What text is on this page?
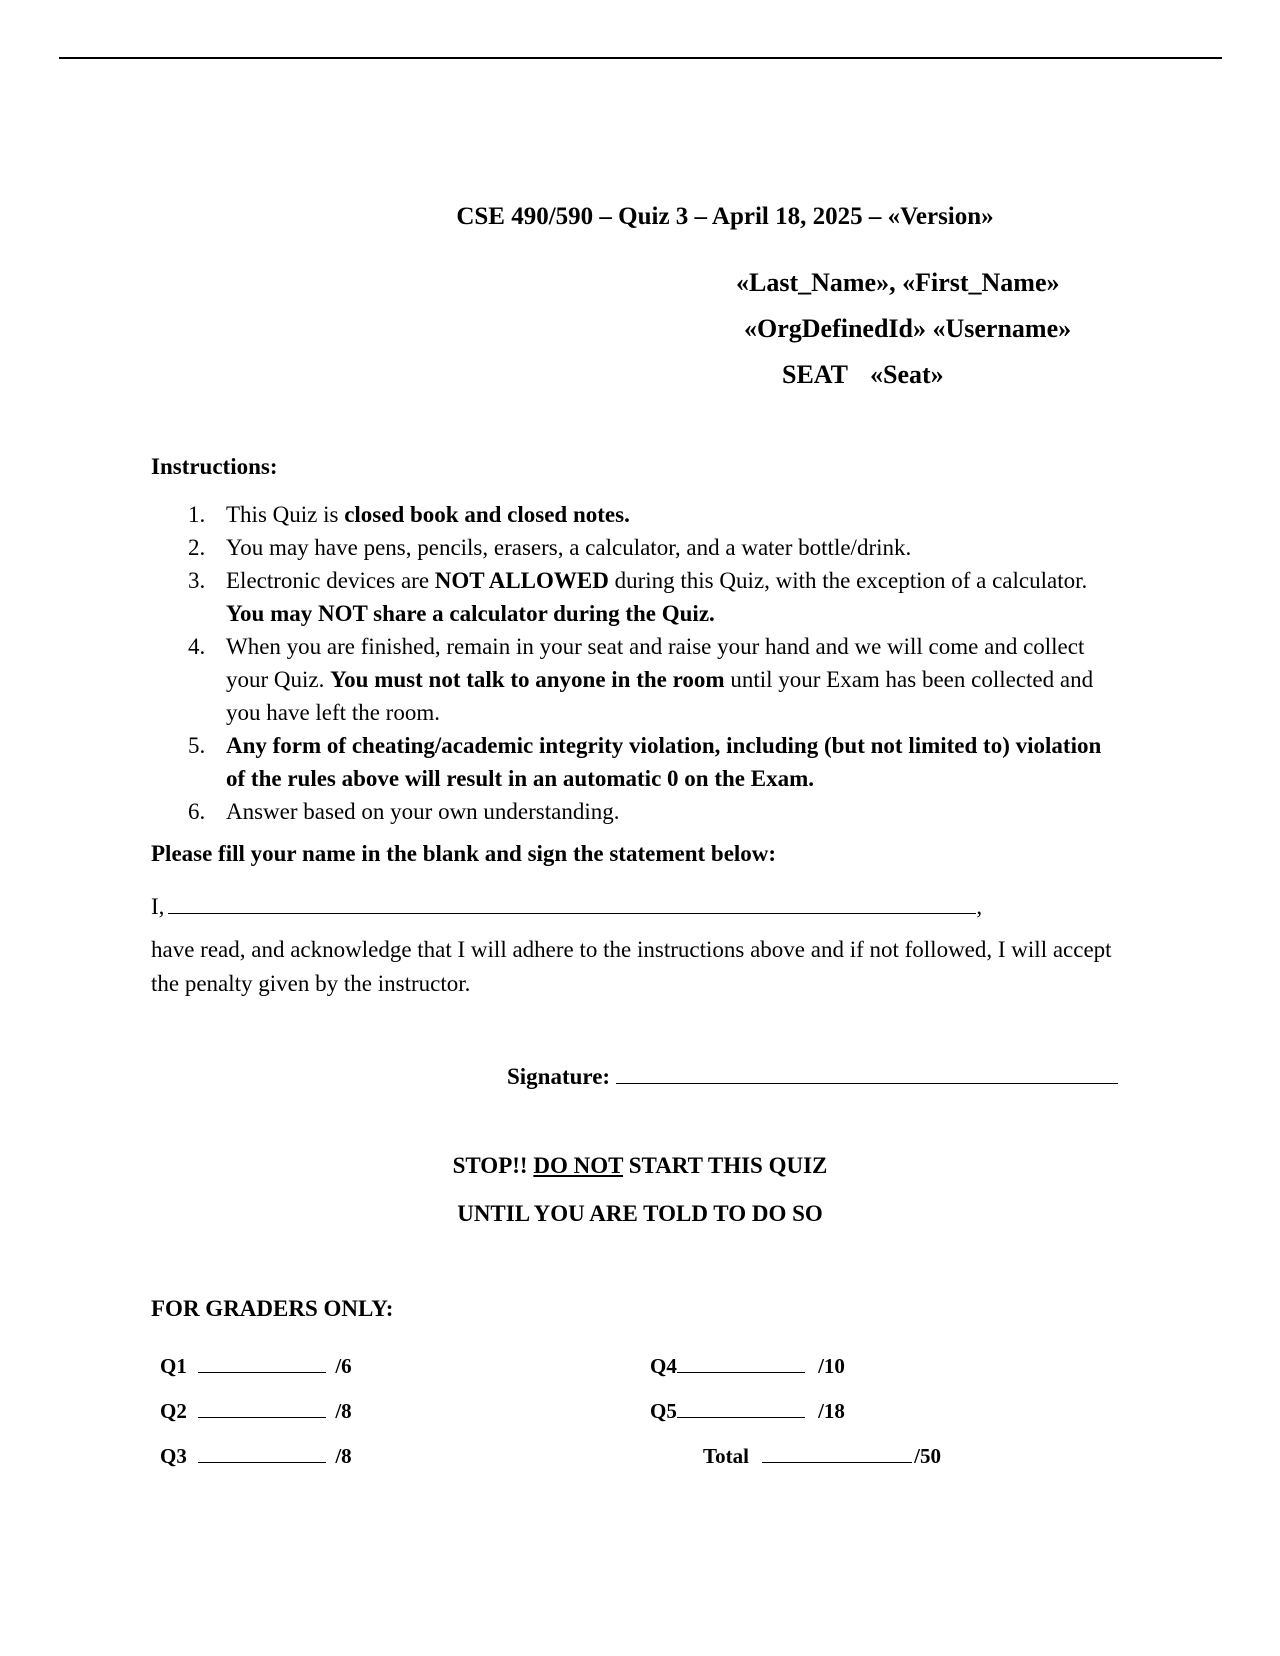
CSE 490/590 – Quiz 3 – April 18, 2025 – «Version»
«Last_Name», «First_Name»
«OrgDefinedId» «Username»
SEAT «Seat»
Instructions:
1. This Quiz is closed book and closed notes.
2. You may have pens, pencils, erasers, a calculator, and a water bottle/drink.
3. Electronic devices are NOT ALLOWED during this Quiz, with the exception of a calculator. You may NOT share a calculator during the Quiz.
4. When you are finished, remain in your seat and raise your hand and we will come and collect your Quiz. You must not talk to anyone in the room until your Exam has been collected and you have left the room.
5. Any form of cheating/academic integrity violation, including (but not limited to) violation of the rules above will result in an automatic 0 on the Exam.
6. Answer based on your own understanding.
Please fill your name in the blank and sign the statement below:
I,	,
have read, and acknowledge that I will adhere to the instructions above and if not followed, I will accept the penalty given by the instructor.
Signature:
STOP!! DO NOT START THIS QUIZ
UNTIL YOU ARE TOLD TO DO SO
FOR GRADERS ONLY:
Q1	/6
Q2	/8
Q3	/8
Q4	/10
Q5	/18
Total	/50
